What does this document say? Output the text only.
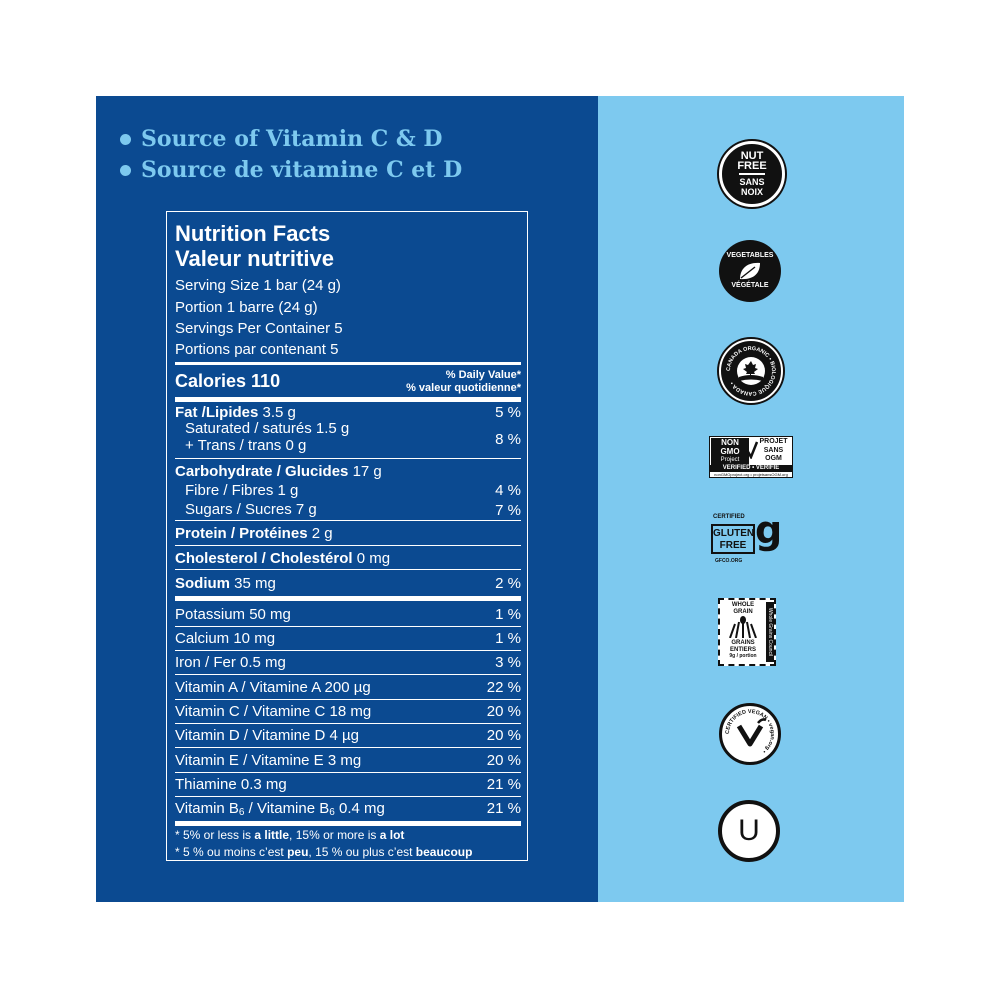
Source of Vitamin C & D
Source de vitamine C et D
Nutrition Facts
Valeur nutritive
Serving Size 1 bar (24 g)
Portion 1 barre (24 g)
Servings Per Container 5
Portions par contenant 5
Calories 110	% Daily Value*
% valeur quotidienne*
Fat /Lipides 3.5 g	5 %
Saturated / saturés 1.5 g
+ Trans / trans 0 g	8 %
Carbohydrate / Glucides 17 g
Fibre / Fibres 1 g	4 %
Sugars / Sucres 7 g	7 %
Protein / Protéines 2 g
Cholesterol / Cholestérol 0 mg
Sodium 35 mg	2 %
Potassium 50 mg	1 %
Calcium 10 mg	1 %
Iron / Fer 0.5 mg	3 %
Vitamin A / Vitamine A 200 µg	22 %
Vitamin C / Vitamine C 18 mg	20 %
Vitamin D / Vitamine D 4 µg	20 %
Vitamin E / Vitamine E 3 mg	20 %
Thiamine 0.3 mg	21 %
Vitamin $B_6$ / Vitamine $B_6$ 0.4 mg	21 %
* 5% or less is a little, 15% or more is a lot
* 5 % ou moins c’est peu, 15 % ou plus c’est beaucoup
NUT
FREE
SANS
NOIX
VEGETABLES
VÉGÉTALE
CANADA ORGANIC • BIOLOGIQUE CANADA •
NON
GMO
Project
PROJET
SANS
OGM
VERIFIED • VÉRIFIÉ
nonGMOproject.org • projetsansOGM.org
CERTIFIED
GLUTEN
FREE g
GFCO.ORG
WHOLE
GRAIN
GRAINS
ENTIERS
9g / portion	Whole Grains Council
CERTIFIED VEGAN • vegan.org •
U
